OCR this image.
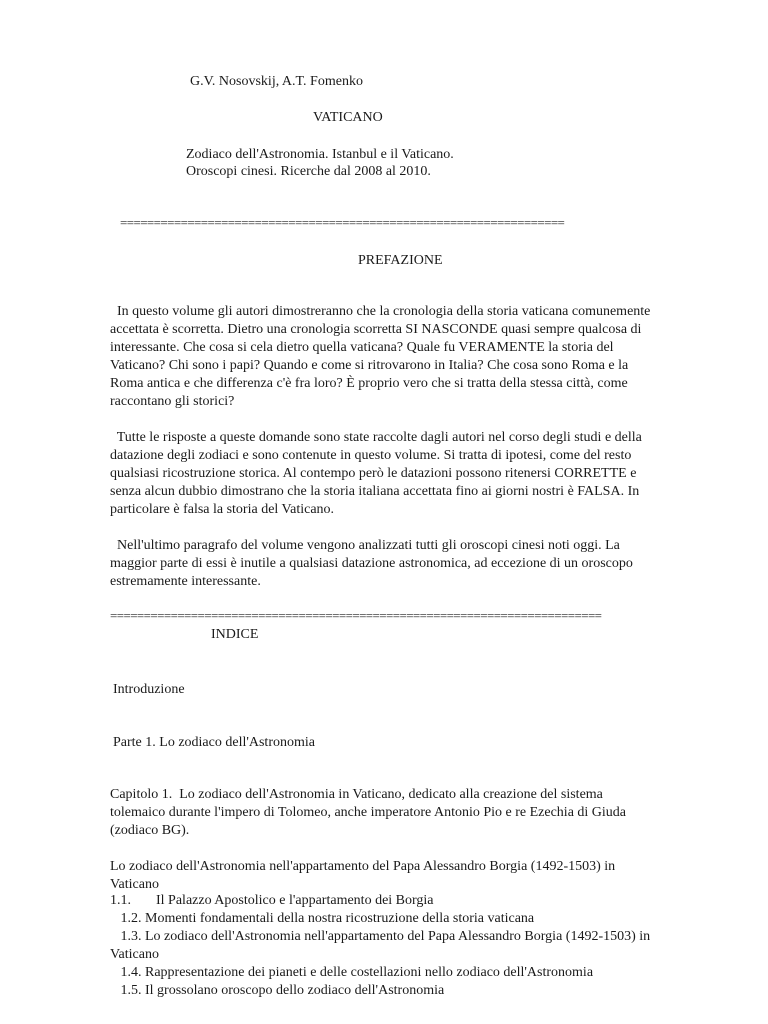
G.V. Nosovskij, A.T. Fomenko
VATICANO
Zodiaco dell'Astronomia. Istanbul e il Vaticano.
Oroscopi cinesi. Ricerche dal 2008 al 2010.
==================================================================
PREFAZIONE
In questo volume gli autori dimostreranno che la cronologia della storia vaticana comunemente
accettata è scorretta. Dietro una cronologia scorretta SI NASCONDE quasi sempre qualcosa di
interessante. Che cosa si cela dietro quella vaticana? Quale fu VERAMENTE la storia del
Vaticano? Chi sono i papi? Quando e come si ritrovarono in Italia? Che cosa sono Roma e la
Roma antica e che differenza c'è fra loro? È proprio vero che si tratta della stessa città, come
raccontano gli storici?
Tutte le risposte a queste domande sono state raccolte dagli autori nel corso degli studi e della
datazione degli zodiaci e sono contenute in questo volume. Si tratta di ipotesi, come del resto
qualsiasi ricostruzione storica. Al contempo però le datazioni possono ritenersi CORRETTE e
senza alcun dubbio dimostrano che la storia italiana accettata fino ai giorni nostri è FALSA. In
particolare è falsa la storia del Vaticano.
Nell'ultimo paragrafo del volume vengono analizzati tutti gli oroscopi cinesi noti oggi. La
maggior parte di essi è inutile a qualsiasi datazione astronomica, ad eccezione di un oroscopo
estremamente interessante.
=========================================================================
INDICE
Introduzione
Parte 1. Lo zodiaco dell'Astronomia
Capitolo 1.  Lo zodiaco dell'Astronomia in Vaticano, dedicato alla creazione del sistema
tolemaico durante l'impero di Tolomeo, anche imperatore Antonio Pio e re Ezechia di Giuda
(zodiaco BG).
Lo zodiaco dell'Astronomia nell'appartamento del Papa Alessandro Borgia (1492-1503) in
Vaticano
1.1. Il Palazzo Apostolico e l'appartamento dei Borgia
1.2. Momenti fondamentali della nostra ricostruzione della storia vaticana
1.3. Lo zodiaco dell'Astronomia nell'appartamento del Papa Alessandro Borgia (1492-1503) in
Vaticano
1.4. Rappresentazione dei pianeti e delle costellazioni nello zodiaco dell'Astronomia
1.5. Il grossolano oroscopo dello zodiaco dell'Astronomia
